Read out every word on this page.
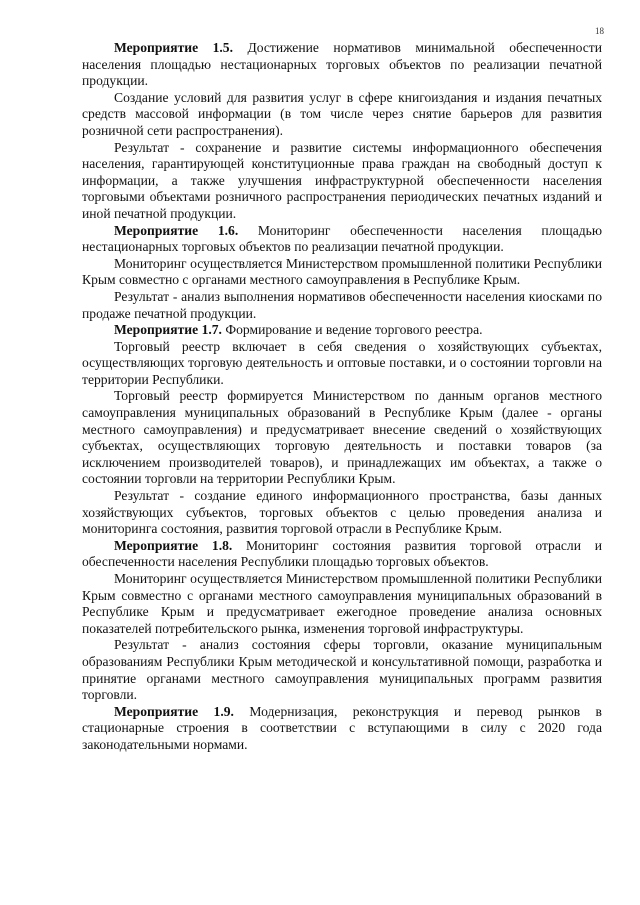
18

Мероприятие 1.5. Достижение нормативов минимальной обеспеченности населения площадью нестационарных торговых объектов по реализации печатной продукции.

Создание условий для развития услуг в сфере книгоиздания и издания печатных средств массовой информации (в том числе через снятие барьеров для развития розничной сети распространения).

Результат - сохранение и развитие системы информационного обеспечения населения, гарантирующей конституционные права граждан на свободный доступ к информации, а также улучшения инфраструктурной обеспеченности населения торговыми объектами розничного распространения периодических печатных изданий и иной печатной продукции.

Мероприятие 1.6. Мониторинг обеспеченности населения площадью нестационарных торговых объектов по реализации печатной продукции.

Мониторинг осуществляется Министерством промышленной политики Республики Крым совместно с органами местного самоуправления в Республике Крым.

Результат - анализ выполнения нормативов обеспеченности населения киосками по продаже печатной продукции.

Мероприятие 1.7. Формирование и ведение торгового реестра.

Торговый реестр включает в себя сведения о хозяйствующих субъектах, осуществляющих торговую деятельность и оптовые поставки, и о состоянии торговли на территории Республики.

Торговый реестр формируется Министерством по данным органов местного самоуправления муниципальных образований в Республике Крым (далее - органы местного самоуправления) и предусматривает внесение сведений о хозяйствующих субъектах, осуществляющих торговую деятельность и поставки товаров (за исключением производителей товаров), и принадлежащих им объектах, а также о состоянии торговли на территории Республики Крым.

Результат - создание единого информационного пространства, базы данных хозяйствующих субъектов, торговых объектов с целью проведения анализа и мониторинга состояния, развития торговой отрасли в Республике Крым.

Мероприятие 1.8. Мониторинг состояния развития торговой отрасли и обеспеченности населения Республики площадью торговых объектов.

Мониторинг осуществляется Министерством промышленной политики Республики Крым совместно с органами местного самоуправления муниципальных образований в Республике Крым и предусматривает ежегодное проведение анализа основных показателей потребительского рынка, изменения торговой инфраструктуры.

Результат - анализ состояния сферы торговли, оказание муниципальным образованиям Республики Крым методической и консультативной помощи, разработка и принятие органами местного самоуправления муниципальных программ развития торговли.

Мероприятие 1.9. Модернизация, реконструкция и перевод рынков в стационарные строения в соответствии с вступающими в силу с 2020 года законодательными нормами.
